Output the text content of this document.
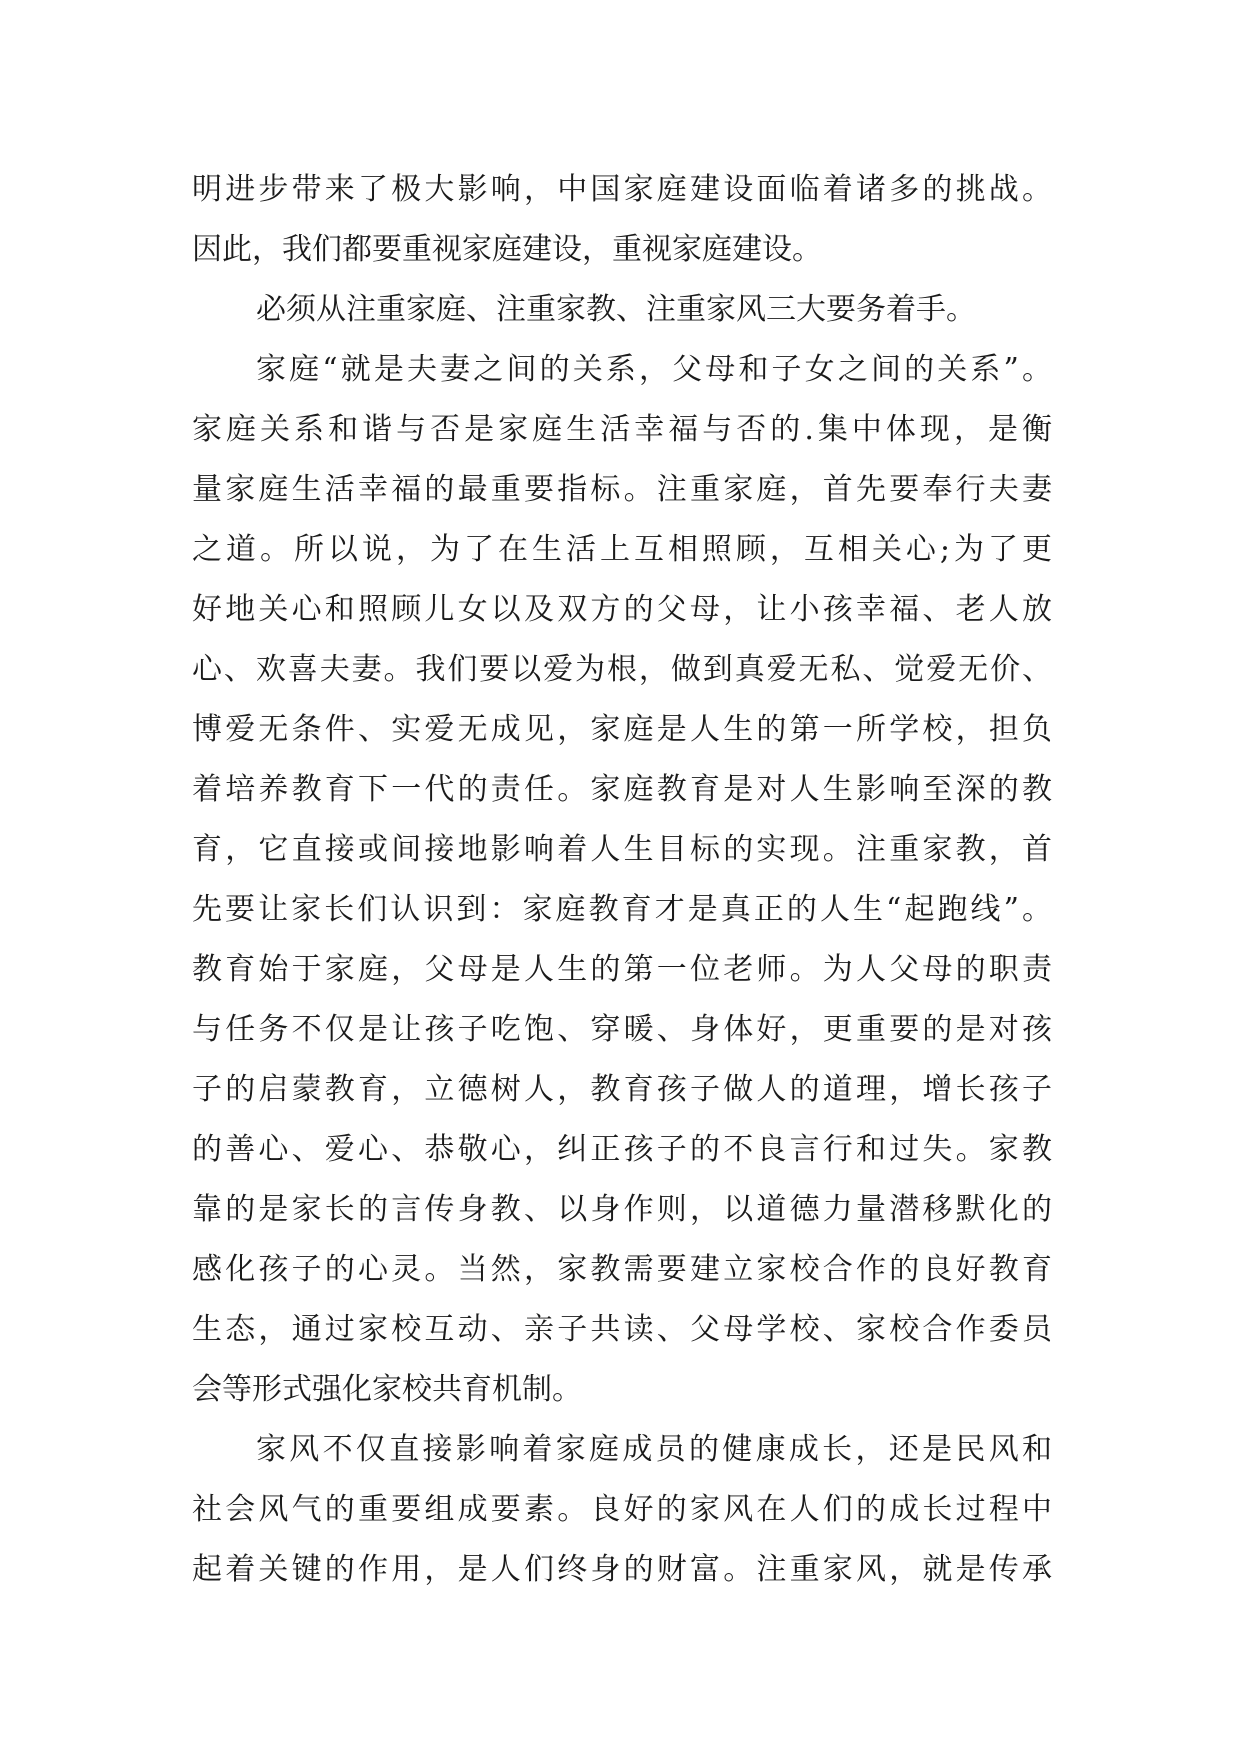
明进步带来了极大影响，中国家庭建设面临着诸多的挑战。
因此，我们都要重视家庭建设，重视家庭建设。
必须从注重家庭、注重家教、注重家风三大要务着手。
家庭“就是夫妻之间的关系，父母和子女之间的关系”。
家庭关系和谐与否是家庭生活幸福与否的.集中体现，是衡
量家庭生活幸福的最重要指标。注重家庭，首先要奉行夫妻
之道。所以说，为了在生活上互相照顾，互相关心;为了更
好地关心和照顾儿女以及双方的父母，让小孩幸福、老人放
心、欢喜夫妻。我们要以爱为根，做到真爱无私、觉爱无价、
博爱无条件、实爱无成见，家庭是人生的第一所学校，担负
着培养教育下一代的责任。家庭教育是对人生影响至深的教
育，它直接或间接地影响着人生目标的实现。注重家教，首
先要让家长们认识到：家庭教育才是真正的人生“起跑线”。
教育始于家庭，父母是人生的第一位老师。为人父母的职责
与任务不仅是让孩子吃饱、穿暖、身体好，更重要的是对孩
子的启蒙教育，立德树人，教育孩子做人的道理，增长孩子
的善心、爱心、恭敬心，纠正孩子的不良言行和过失。家教
靠的是家长的言传身教、以身作则，以道德力量潜移默化的
感化孩子的心灵。当然，家教需要建立家校合作的良好教育
生态，通过家校互动、亲子共读、父母学校、家校合作委员
会等形式强化家校共育机制。
家风不仅直接影响着家庭成员的健康成长，还是民风和
社会风气的重要组成要素。良好的家风在人们的成长过程中
起着关键的作用，是人们终身的财富。注重家风，就是传承
